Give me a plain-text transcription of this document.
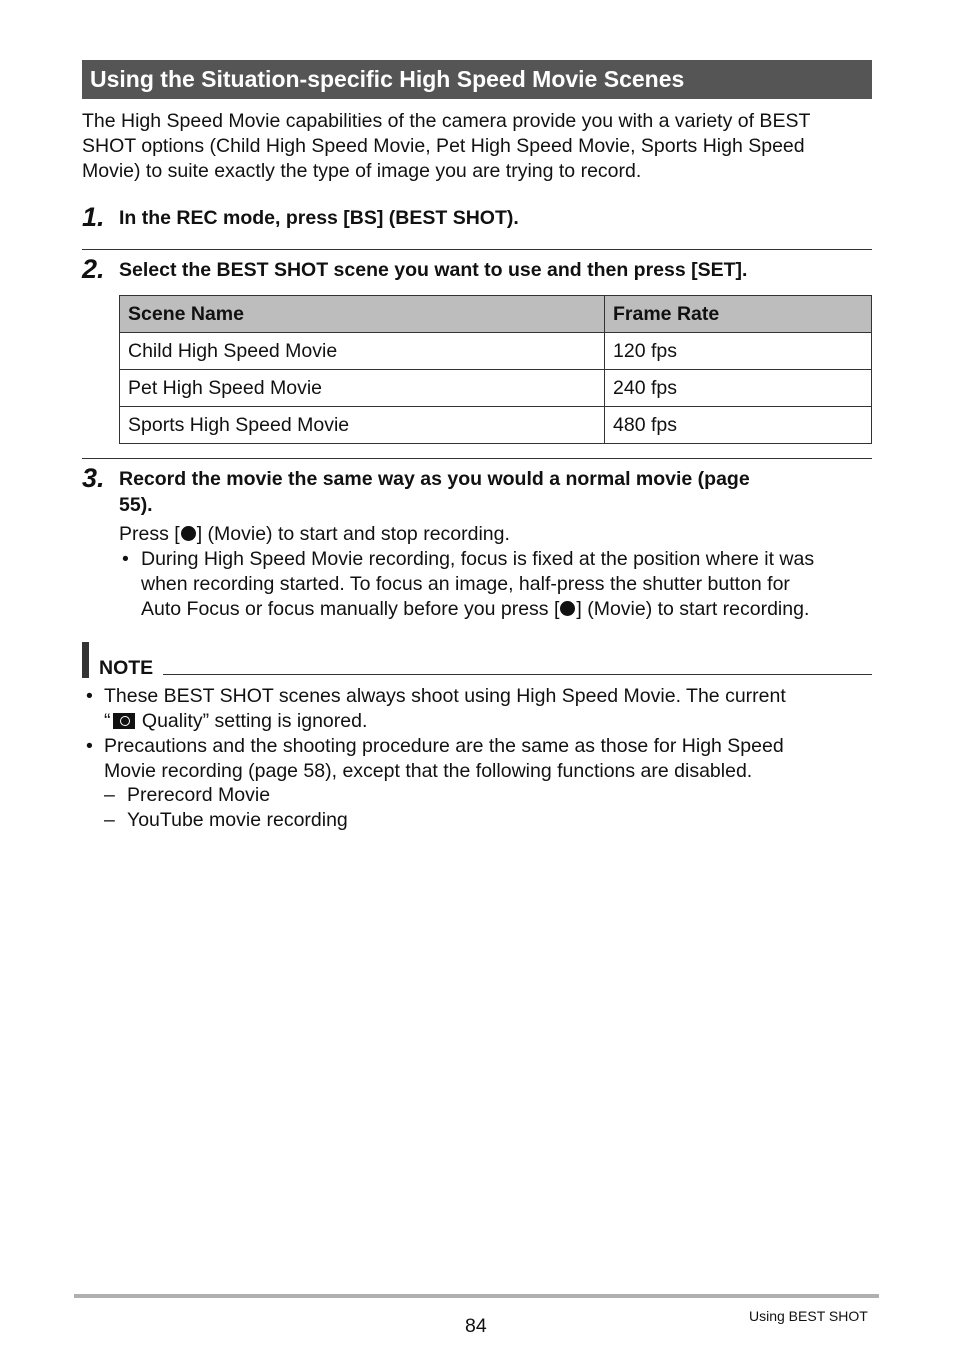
Using the Situation-specific High Speed Movie Scenes
The High Speed Movie capabilities of the camera provide you with a variety of BEST
SHOT options (Child High Speed Movie, Pet High Speed Movie, Sports High Speed
Movie) to suite exactly the type of image you are trying to record.
1. In the REC mode, press [BS] (BEST SHOT).
2. Select the BEST SHOT scene you want to use and then press [SET].
Scene Name	Frame Rate
Child High Speed Movie	120 fps
Pet High Speed Movie	240 fps
Sports High Speed Movie	480 fps
3. Record the movie the same way as you would a normal movie (page
55).
Press [ ] (Movie) to start and stop recording.
• During High Speed Movie recording, focus is fixed at the position where it was
when recording started. To focus an image, half-press the shutter button for
Auto Focus or focus manually before you press [ ] (Movie) to start recording.
NOTE
• These BEST SHOT scenes always shoot using High Speed Movie. The current
“ Quality” setting is ignored.
• Precautions and the shooting procedure are the same as those for High Speed
Movie recording (page 58), except that the following functions are disabled.
– Prerecord Movie
– YouTube movie recording
84	Using BEST SHOT
